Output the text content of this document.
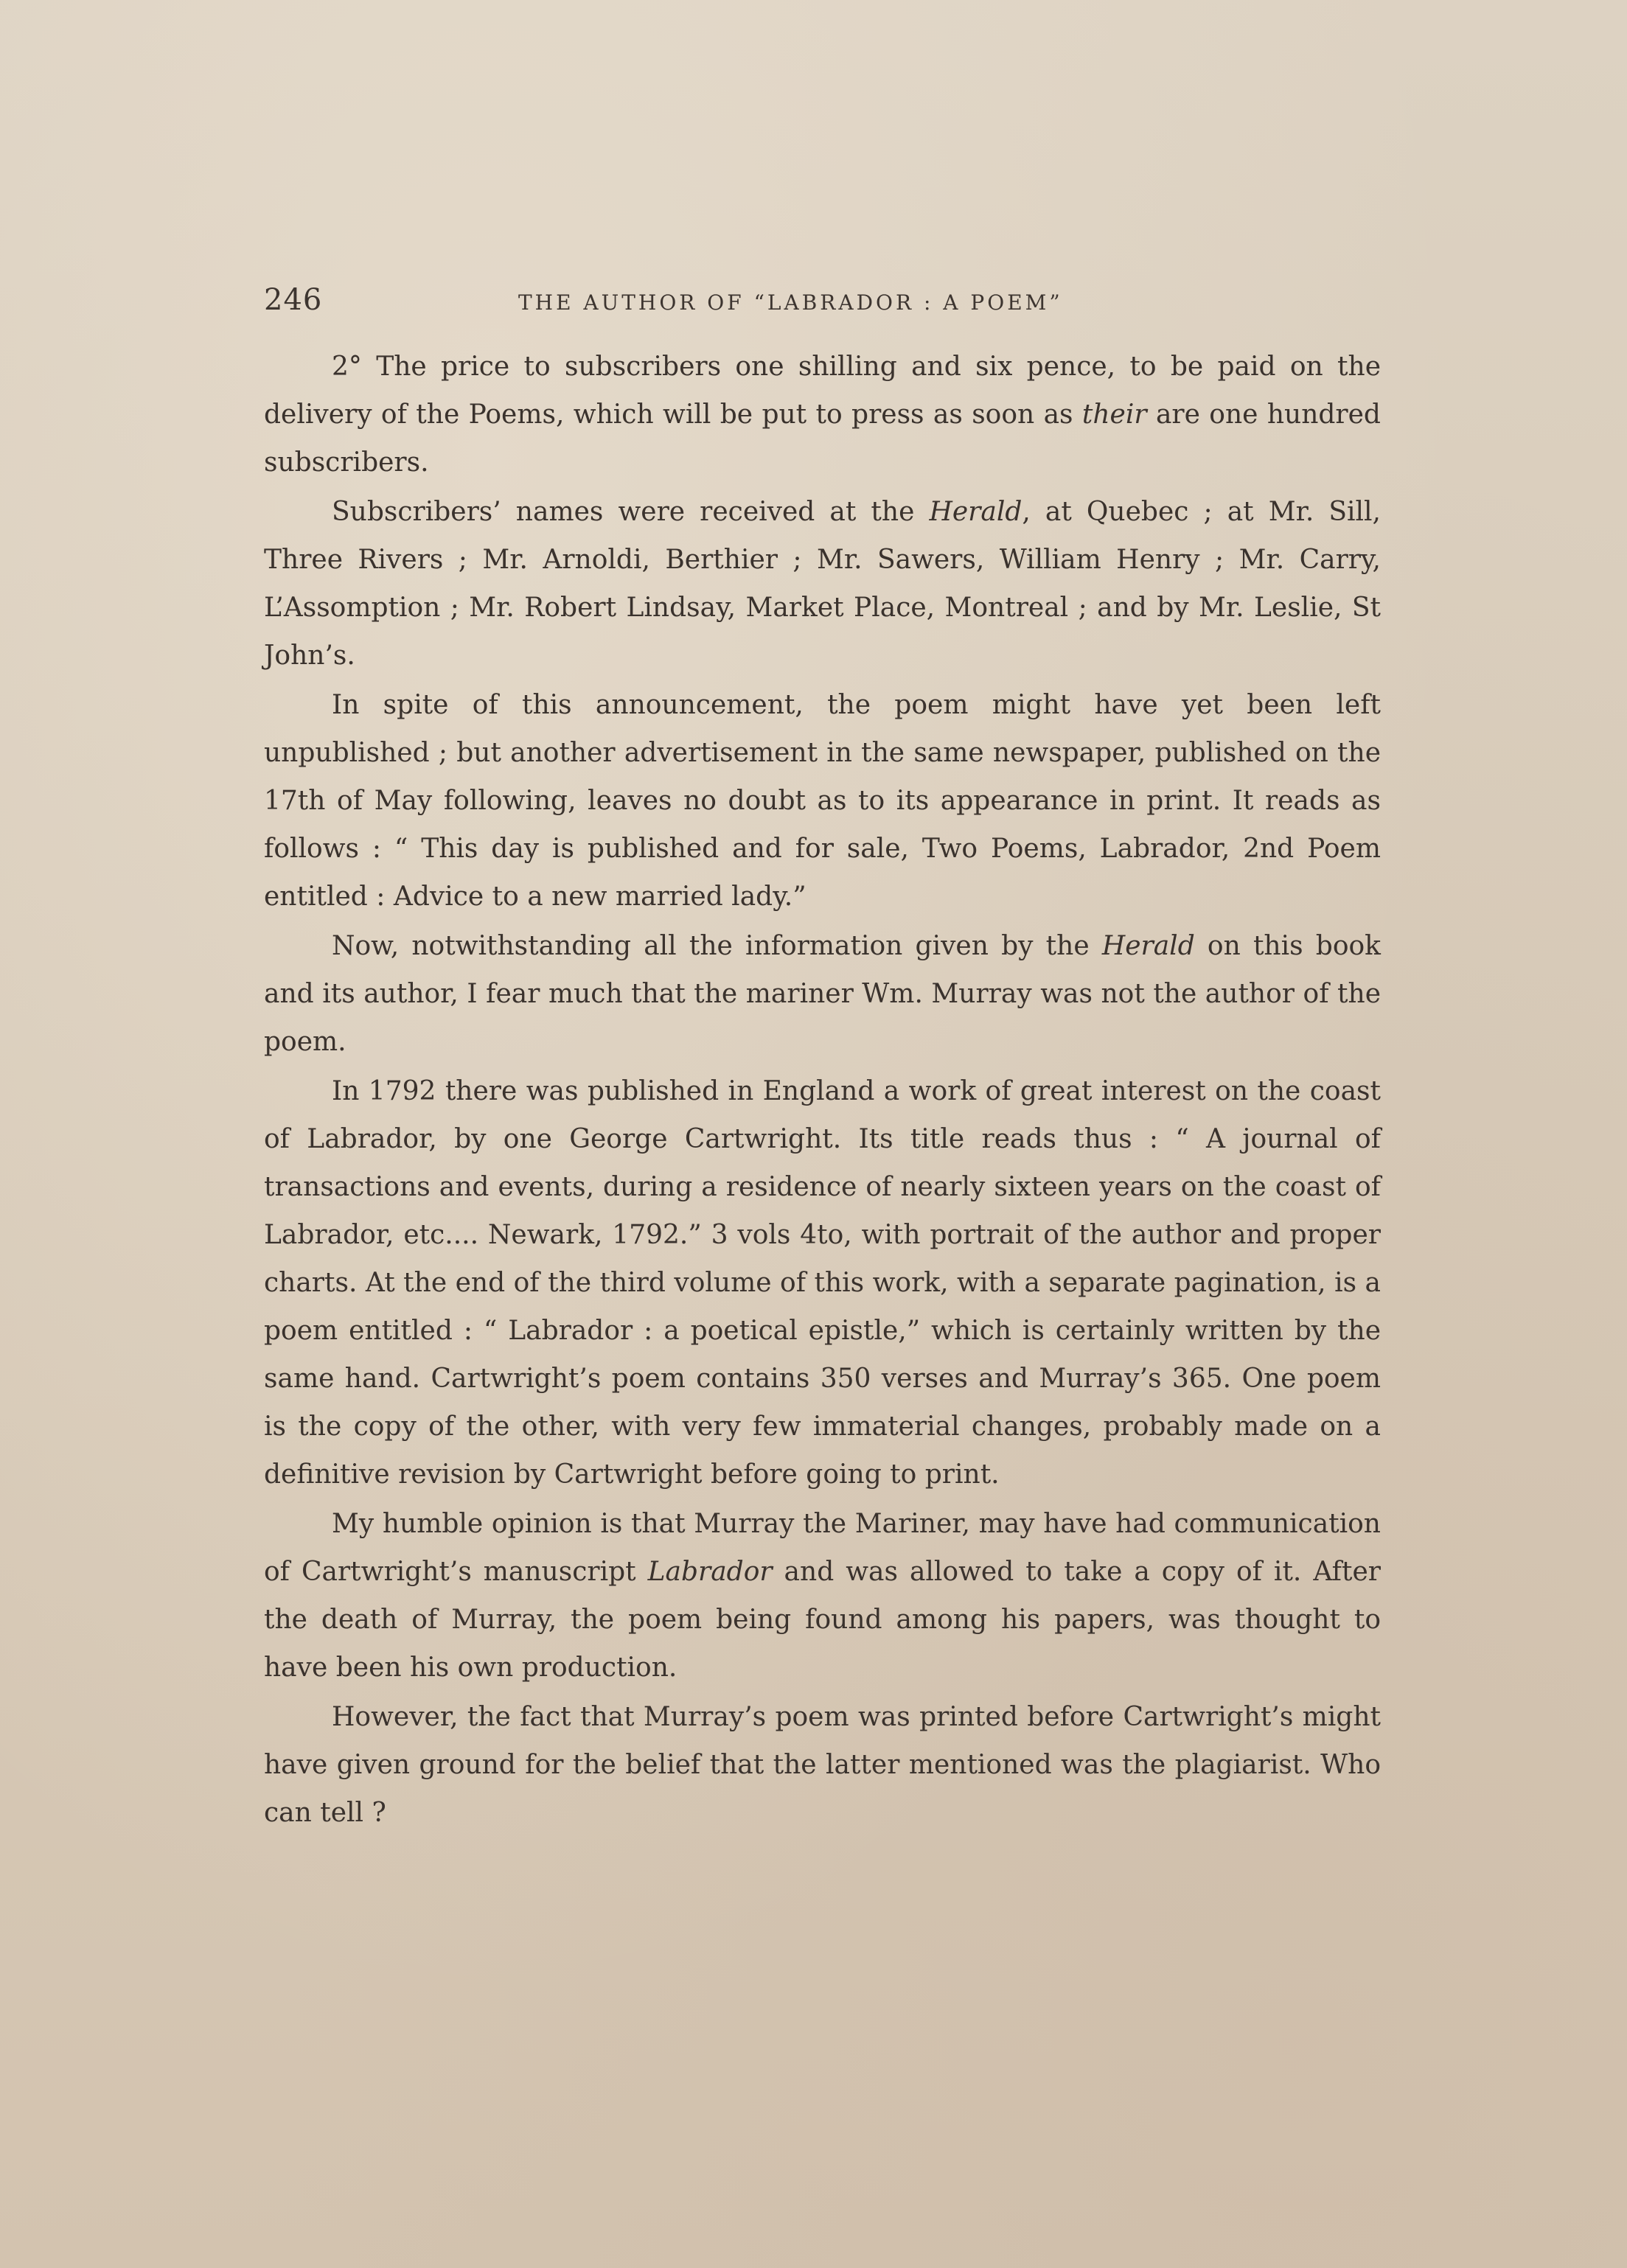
246	THE AUTHOR OF “LABRADOR : A POEM”

2° The price to subscribers one shilling and six pence, to be paid on the delivery of the Poems, which will be put to press as soon as their are one hundred subscribers.

Subscribers’ names were received at the Herald, at Quebec ; at Mr. Sill, Three Rivers ; Mr. Arnoldi, Berthier ; Mr. Sawers, William Henry ; Mr. Carry, L’Assomption ; Mr. Robert Lindsay, Market Place, Montreal ; and by Mr. Leslie, St John’s.

In spite of this announcement, the poem might have yet been left unpublished ; but another advertisement in the same newspaper, published on the 17th of May following, leaves no doubt as to its appearance in print. It reads as follows : “ This day is published and for sale, Two Poems, Labrador, 2nd Poem entitled : Advice to a new married lady.”

Now, notwithstanding all the information given by the Herald on this book and its author, I fear much that the mariner Wm. Murray was not the author of the poem.

In 1792 there was published in England a work of great interest on the coast of Labrador, by one George Cartwright. Its title reads thus : “ A journal of transactions and events, during a residence of nearly sixteen years on the coast of Labrador, etc.... Newark, 1792.” 3 vols 4to, with portrait of the author and proper charts. At the end of the third volume of this work, with a separate pagination, is a poem entitled : “ Labrador : a poetical epistle,” which is certainly written by the same hand. Cartwright’s poem contains 350 verses and Murray’s 365. One poem is the copy of the other, with very few immaterial changes, probably made on a definitive revision by Cartwright before going to print.

My humble opinion is that Murray the Mariner, may have had communication of Cartwright’s manuscript Labrador and was allowed to take a copy of it. After the death of Murray, the poem being found among his papers, was thought to have been his own production.

However, the fact that Murray’s poem was printed before Cartwright’s might have given ground for the belief that the latter mentioned was the plagiarist. Who can tell ?
